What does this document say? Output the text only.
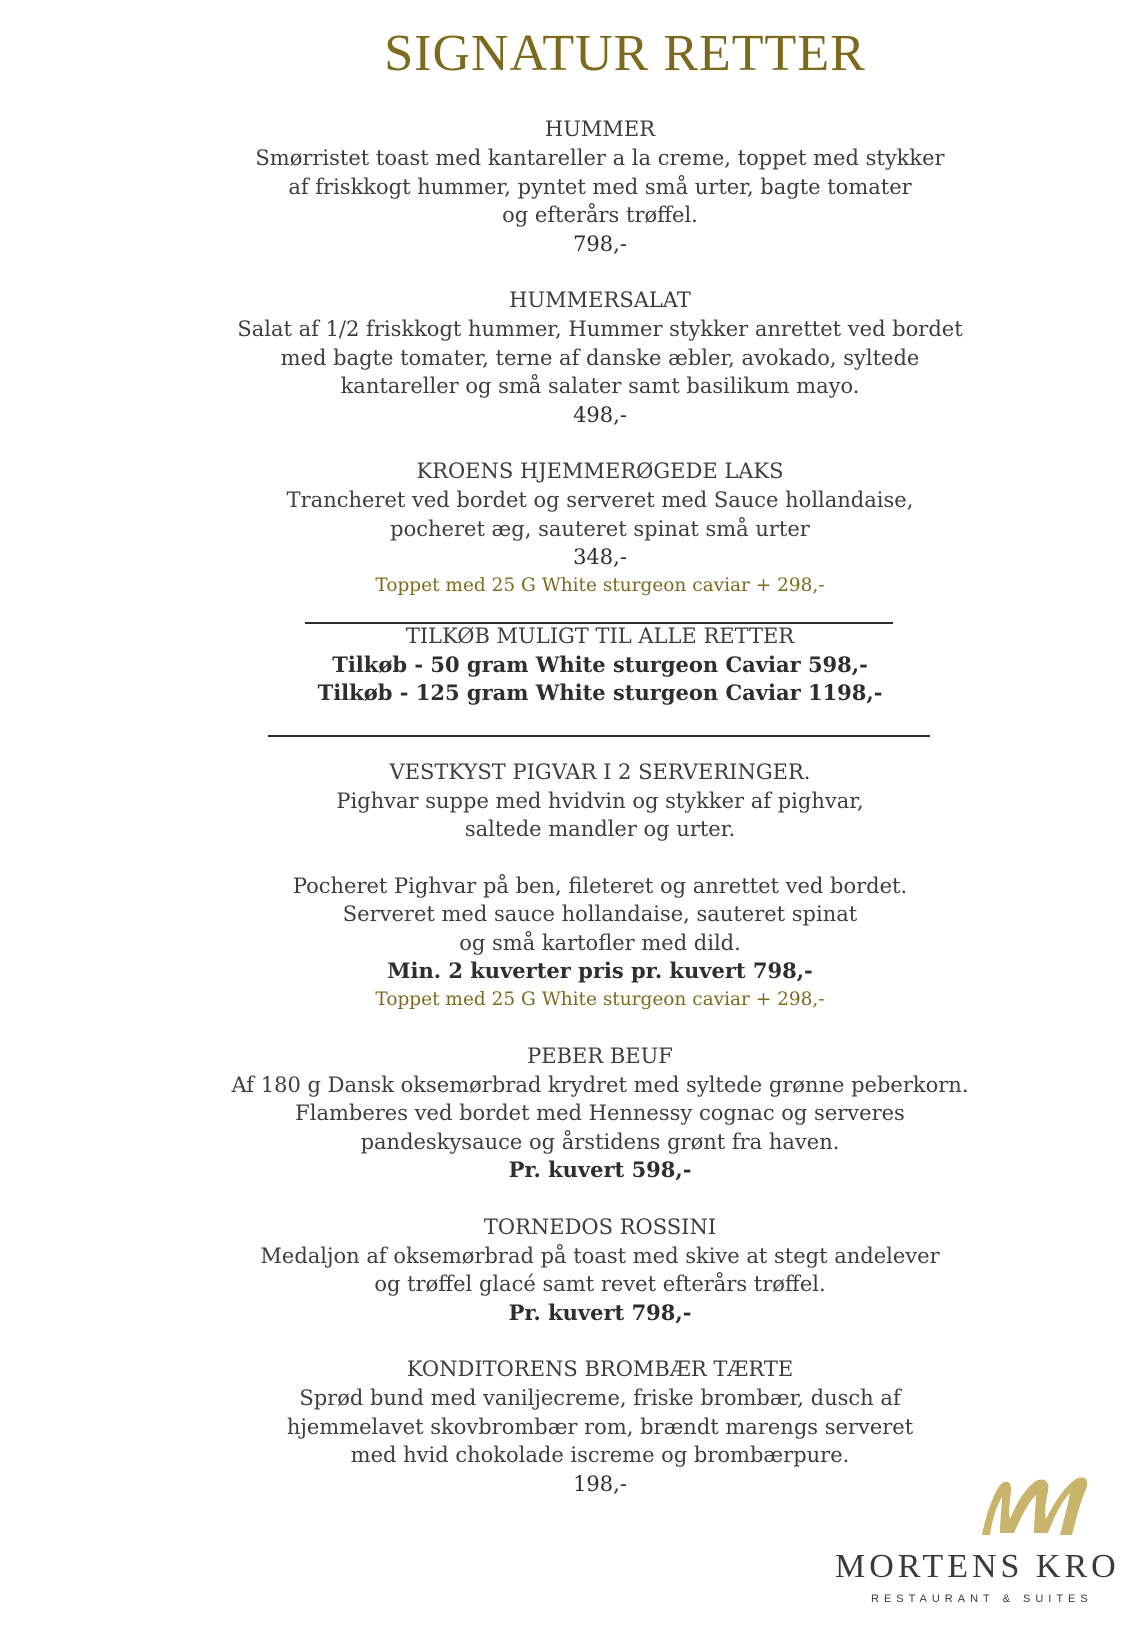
SIGNATUR RETTER
HUMMER
Smørristet toast med kantareller a la creme, toppet med stykker
af friskkogt hummer, pyntet med små urter, bagte tomater
og efterårs trøffel.
798,-
HUMMERSALAT
Salat af 1/2 friskkogt hummer, Hummer stykker anrettet ved bordet
med bagte tomater, terne af danske æbler, avokado, syltede
kantareller og små salater samt basilikum mayo.
498,-
KROENS HJEMMERØGEDE LAKS
Trancheret ved bordet og serveret med Sauce hollandaise,
pocheret æg, sauteret spinat små urter
348,-
Toppet med 25 G White sturgeon caviar + 298,-
TILKØB MULIGT TIL ALLE RETTER
Tilkøb - 50 gram White sturgeon Caviar 598,-
Tilkøb - 125 gram White sturgeon Caviar 1198,-
VESTKYST PIGVAR I 2 SERVERINGER.
Pighvar suppe med hvidvin og stykker af pighvar,
saltede mandler og urter.
Pocheret Pighvar på ben, fileteret og anrettet ved bordet.
Serveret med sauce hollandaise, sauteret spinat
og små kartofler med dild.
Min. 2 kuverter pris pr. kuvert 798,-
Toppet med 25 G White sturgeon caviar + 298,-
PEBER BEUF
Af 180 g Dansk oksemørbrad krydret med syltede grønne peberkorn.
Flamberes ved bordet med Hennessy cognac og serveres
pandeskysauce og årstidens grønt fra haven.
Pr. kuvert 598,-
TORNEDOS ROSSINI
Medaljon af oksemørbrad på toast med skive at stegt andelever
og trøffel glacé samt revet efterårs trøffel.
Pr. kuvert 798,-
KONDITORENS BROMBÆR TÆRTE
Sprød bund med vaniljecreme, friske brombær, dusch af
hjemmelavet skovbrombær rom, brændt marengs serveret
med hvid chokolade iscreme og brombærpure.
198,-
MORTENS KRO
RESTAURANT & SUITES
